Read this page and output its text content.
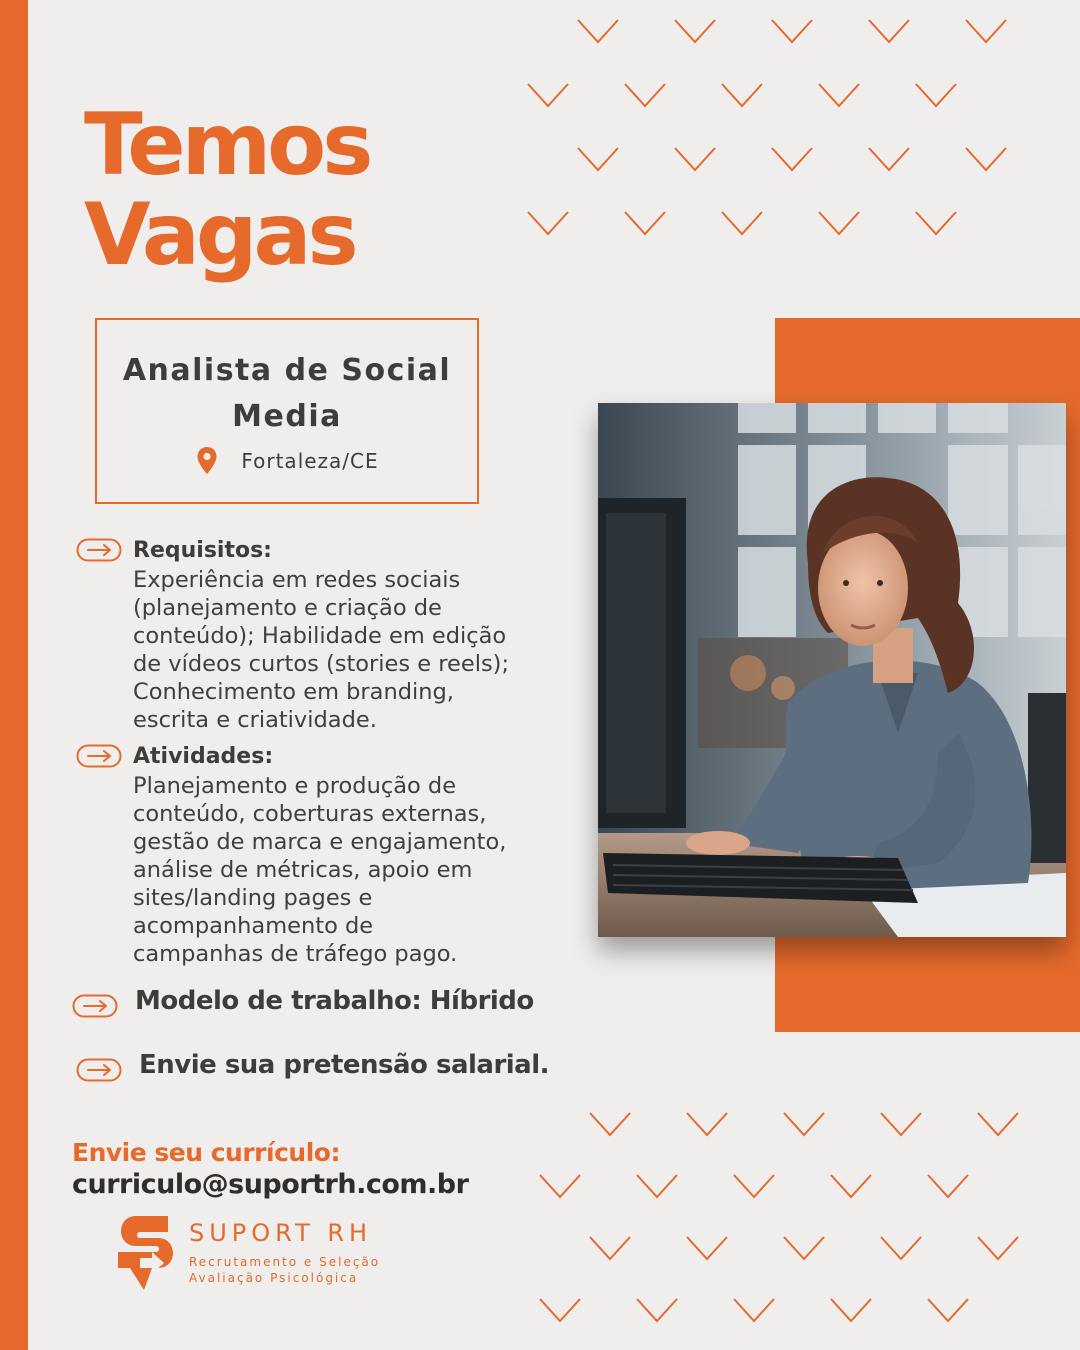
Temos
Vagas
Analista de Social Media
Fortaleza/CE
Requisitos:
Experiência em redes sociais
(planejamento e criação de
conteúdo); Habilidade em edição
de vídeos curtos (stories e reels);
Conhecimento em branding,
escrita e criatividade.
Atividades:
Planejamento e produção de
conteúdo, coberturas externas,
gestão de marca e engajamento,
análise de métricas, apoio em
sites/landing pages e
acompanhamento de
campanhas de tráfego pago.
Modelo de trabalho: Híbrido
Envie sua pretensão salarial.
Envie seu currículo:
curriculo@suportrh.com.br
SUPORT RH
Recrutamento e Seleção
Avaliação Psicológica
